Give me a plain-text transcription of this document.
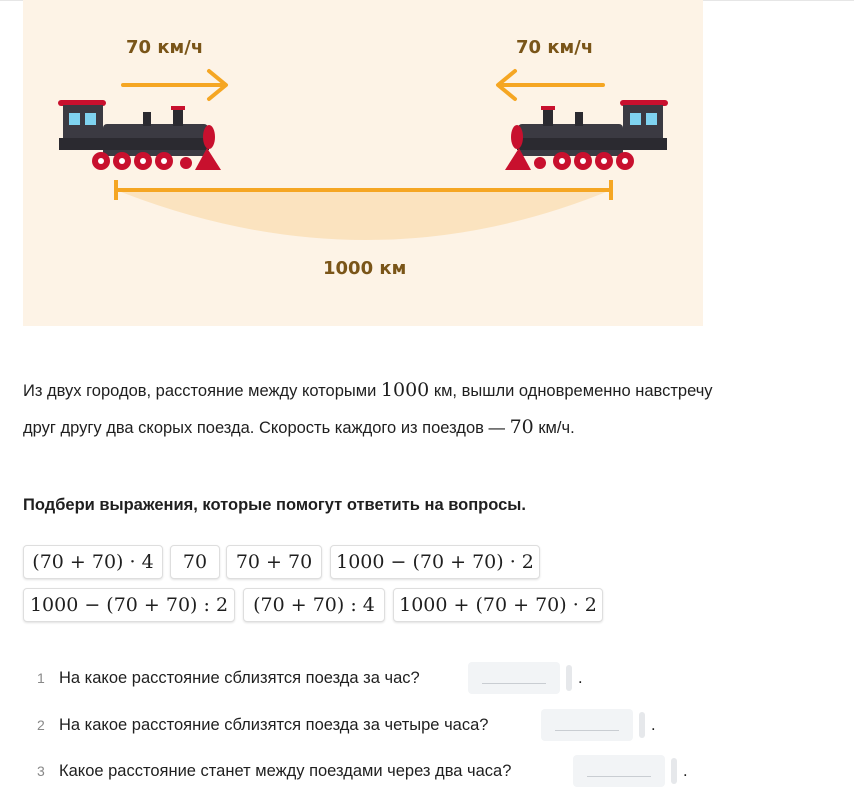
70 км/ч	70 км/ч
1000 км
Из двух городов, расстояние между которыми 1000 км, вышли одновременно навстречу друг другу два скорых поезда. Скорость каждого из поездов — 70 км/ч.
Подбери выражения, которые помогут ответить на вопросы.
(70 + 70) · 4	70	70 + 70	1000 − (70 + 70) · 2
1000 − (70 + 70) : 2	(70 + 70) : 4	1000 + (70 + 70) · 2
1 На какое расстояние сблизятся поезда за час?	.
2 На какое расстояние сблизятся поезда за четыре часа?	.
3 Какое расстояние станет между поездами через два часа?	.
